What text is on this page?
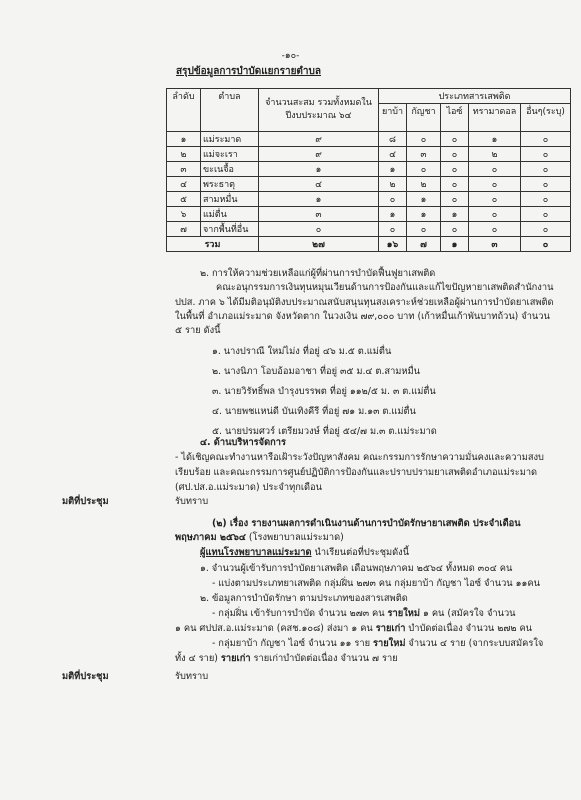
-๑๐-
สรุปข้อมูลการบำบัดแยกรายตำบล
ลำดับ	ตำบล	จำนวนสะสม รวมทั้งหมดใน ปีงบประมาณ ๖๔	ประเภทสารเสพติด				
			ยาบ้า	กัญชา	ไอซ์	ทรามาดอล	อื่นๆ(ระบุ)

๑	แม่ระมาด	๙	๘	๐	๐	๑	๐
๒	แม่จะเรา	๙	๔	๓	๐	๒	๐
๓	ขะเนจื้อ	๑	๑	๐	๐	๐	๐
๔	พระธาตุ	๔	๒	๒	๐	๐	๐
๕	สามหมื่น	๑	๐	๑	๐	๐	๐
๖	แม่ตื่น	๓	๑	๑	๑	๐	๐
๗	จากพื้นที่อื่น	๐	๐	๐	๐	๐	๐
รวม		๒๗	๑๖	๗	๑	๓	๐
๒. การให้ความช่วยเหลือแก่ผู้ที่ผ่านการบำบัดฟื้นฟูยาเสพติด
คณะอนุกรรมการเงินทุนหมุนเวียนด้านการป้องกันและแก้ไขปัญหายาเสพติดสำนักงาน
ปปส. ภาค ๖ ได้มีมติอนุมัติงบประมาณสนับสนุนทุนสงเคราะห์ช่วยเหลือผู้ผ่านการบำบัดยาเสพติด
ในพื้นที่ อำเภอแม่ระมาด จังหวัดตาก ในวงเงิน ๗๙,๐๐๐ บาท (เก้าหมื่นเก้าพันบาทถ้วน) จำนวน
๕ ราย ดังนี้
๑. นางปราณี ใหม่ไม่ง ที่อยู่ ๔๖ ม.๕ ต.แม่ตื่น
๒. นางนิภา โอบอ้อมอาชา ที่อยู่ ๓๕ ม.๔ ต.สามหมื่น
๓. นายวิรัทธิ์พล บำรุงบรรพต ที่อยู่ ๑๑๒/๕ ม. ๓ ต.แม่ตื่น
๔. นายพชแหน่ดี บันเทิงคีรี ที่อยู่ ๗๑ ม.๑๓ ต.แม่ตื่น
๕. นายปรมศวร์ เตรียมวงษ์ ที่อยู่ ๕๔/๗ ม.๓ ต.แม่ระมาด
๔. ด้านบริหารจัดการ
- ได้เชิญคณะทำงานหารือเฝ้าระวังปัญหาสังคม คณะกรรมการรักษาความมั่นคงและความสงบ
เรียบร้อย และคณะกรรมการศูนย์ปฏิบัติการป้องกันและปราบปรามยาเสพติดอำเภอแม่ระมาด
(ศป.ปส.อ.แม่ระมาด) ประจำทุกเดือน
มติที่ประชุม	รับทราบ
(๒) เรื่อง รายงานผลการดำเนินงานด้านการบำบัดรักษายาเสพติด ประจำเดือน
พฤษภาคม ๒๕๖๔ (โรงพยาบาลแม่ระมาด)
ผู้แทนโรงพยาบาลแม่ระมาด นำเรียนต่อที่ประชุมดังนี้
๑. จำนวนผู้เข้ารับการบำบัดยาเสพติด เดือนพฤษภาคม ๒๕๖๔ ทั้งหมด ๓๐๔ คน
- แบ่งตามประเภทยาเสพติด กลุ่มฝิ่น ๒๗๓ คน กลุ่มยาบ้า กัญชา ไอซ์ จำนวน ๑๑คน
๒. ข้อมูลการบำบัดรักษา ตามประเภทของสารเสพติด
- กลุ่มฝิ่น เข้ารับการบำบัด จำนวน ๒๗๓ คน รายใหม่ ๑ คน (สมัครใจ จำนวน
๑ คน ศปปส.อ.แม่ระมาด (คสช.๑๐๘) ส่งมา ๑ คน รายเก่า บำบัดต่อเนื่อง จำนวน ๒๗๒ คน
- กลุ่มยาบ้า กัญชา ไอซ์ จำนวน ๑๑ ราย รายใหม่ จำนวน ๔ ราย (จากระบบสมัครใจ
ทั้ง ๔ ราย) รายเก่า รายเก่าบำบัดต่อเนื่อง จำนวน ๗ ราย
มติที่ประชุม	รับทราบ
